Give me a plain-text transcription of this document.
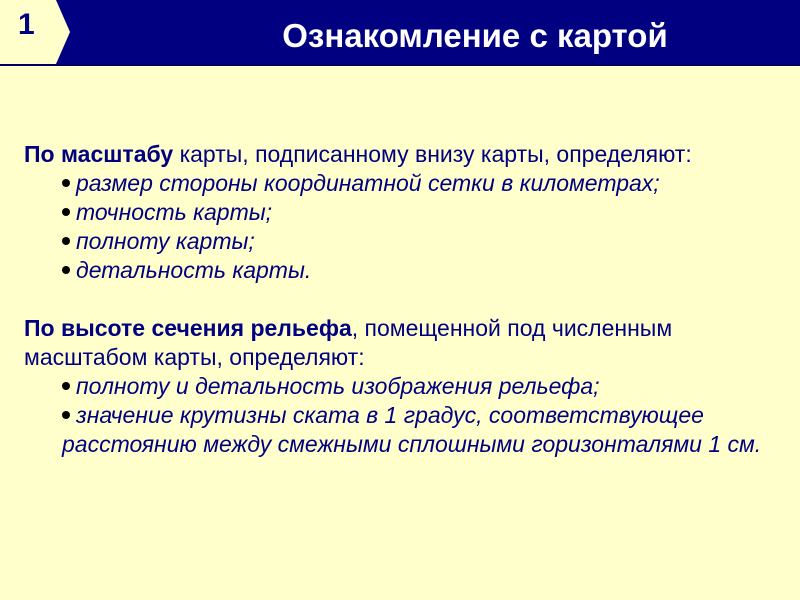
1	Ознакомление с картой

По масштабу карты, подписанному внизу карты, определяют:

размер стороны координатной сетки в километрах;
точность карты;
полноту карты;
детальность карты.

По высоте сечения рельефа, помещенной под численным масштабом карты, определяют:

полноту и детальность изображения рельефа;
значение крутизны ската в 1 градус, соответствующее расстоянию между смежными сплошными горизонталями 1 см.
